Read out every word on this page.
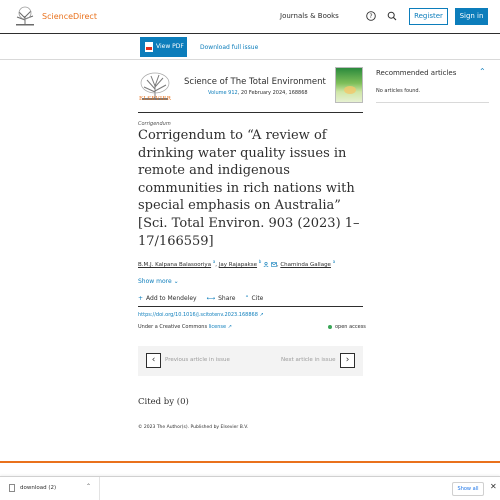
ScienceDirect	Journals & Books	?	Register	Sign in
View PDF	Download full issue
ELSEVIER
Science of The Total Environment
Volume 912, 20 February 2024, 168868
Corrigendum
Corrigendum to “A review of drinking water quality issues in remote and indigenous communities in rich nations with special emphasis on Australia” [Sci. Total Environ. 903 (2023) 1–17/166559]
B.M.J. Kalpana Balasooriya $^a$, Jay Rajapakse $^b$  , Chaminda Gallage $^a$
Show more ⌄
+ Add to Mendeley ⟷ Share ” Cite
https://doi.org/10.1016/j.scitotenv.2023.168868 ↗
Under a Creative Commons license ↗	open access
‹	Previous article in issue	Next article in issue	›
Cited by (0)
© 2023 The Author(s). Published by Elsevier B.V.
Recommended articles	⌃
No articles found.
download (2)	⌃	Show all	✕
